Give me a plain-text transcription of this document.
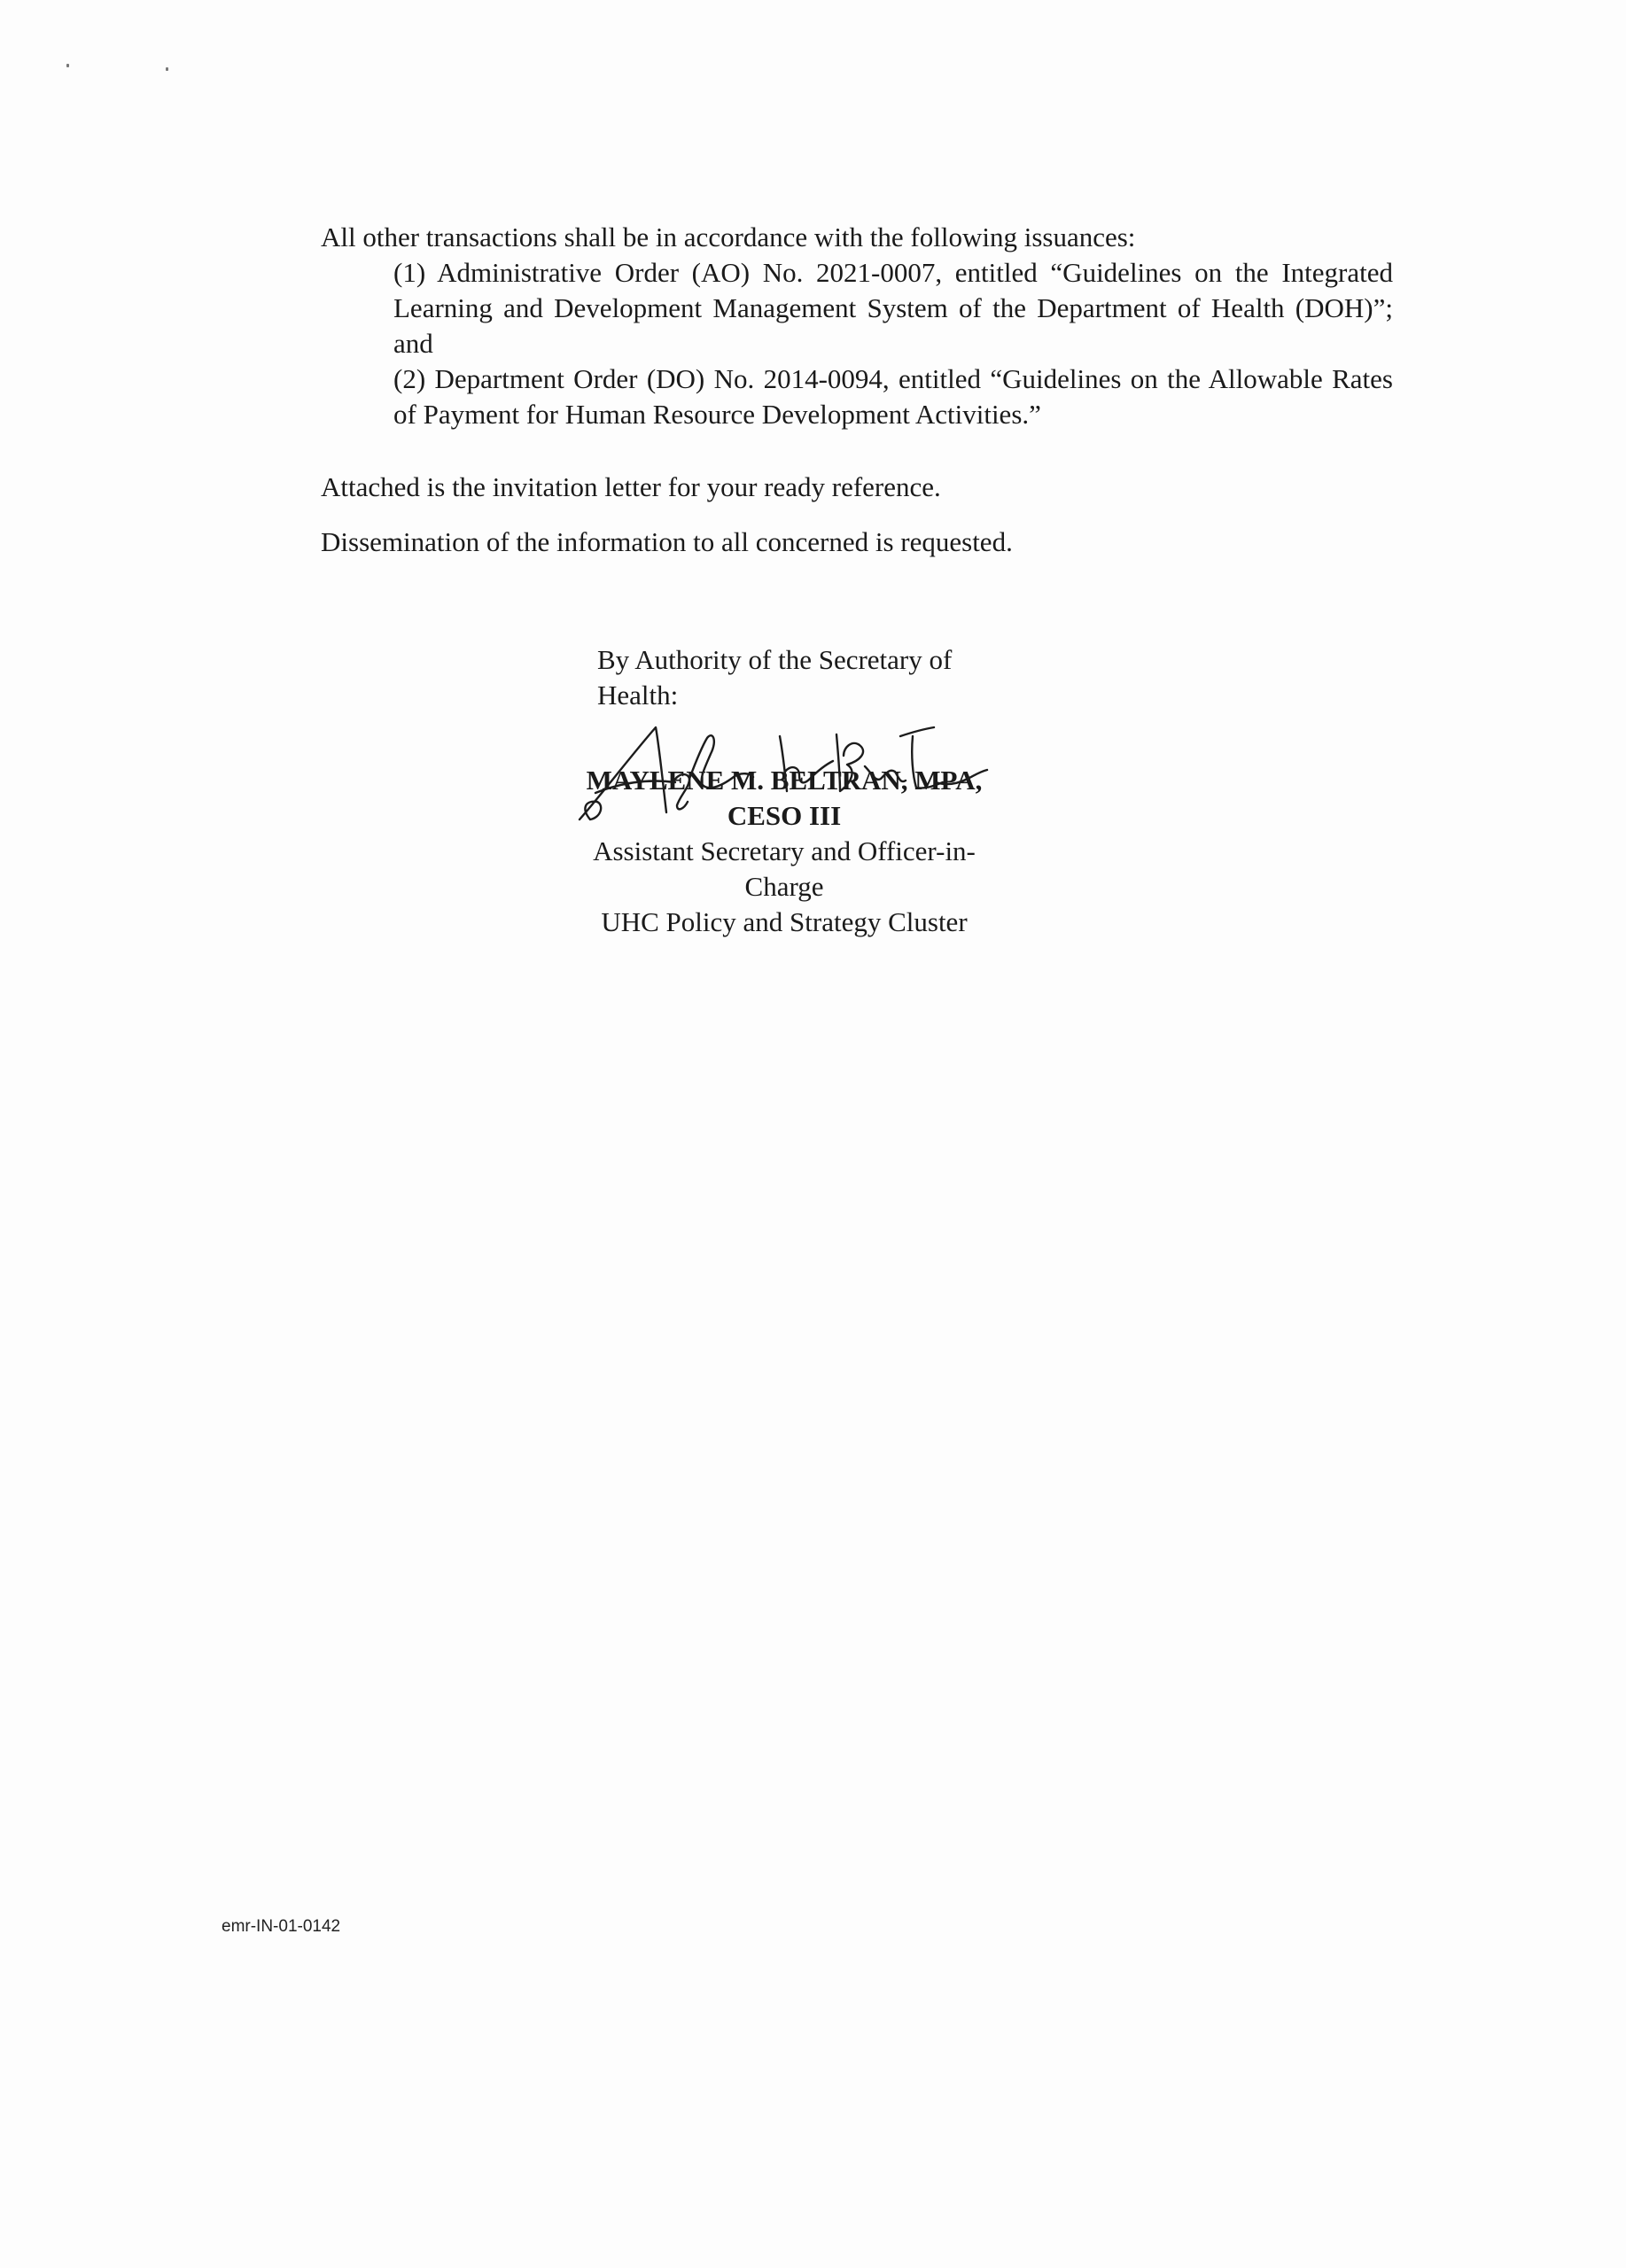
All other transactions shall be in accordance with the following issuances:

(1) Administrative Order (AO) No. 2021-0007, entitled “Guidelines on the Integrated Learning and Development Management System of the Department of Health (DOH)”; and

(2) Department Order (DO) No. 2014-0094, entitled “Guidelines on the Allowable Rates of Payment for Human Resource Development Activities.”

Attached is the invitation letter for your ready reference.

Dissemination of the information to all concerned is requested.

By Authority of the Secretary of Health:

MAYLENE M. BELTRAN, MPA, CESO III

Assistant Secretary and Officer-in-Charge

UHC Policy and Strategy Cluster

emr-IN-01-0142
